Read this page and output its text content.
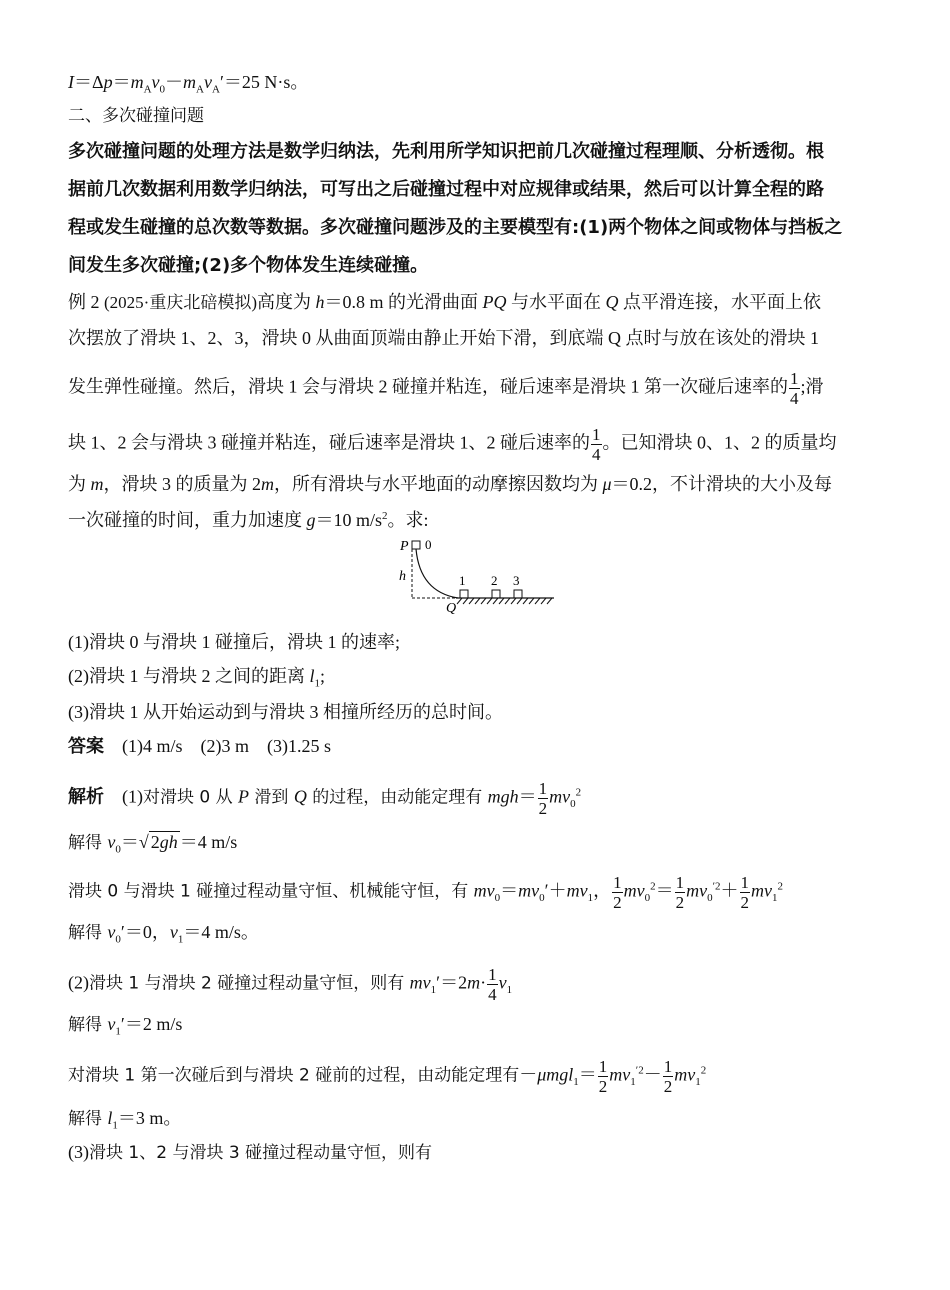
$I=\Delta p=m_Av_0-m_Av_A'=25$ N·s。
二、多次碰撞问题
多次碰撞问题的处理方法是数学归纳法，先利用所学知识把前几次碰撞过程理顺、分析透彻。根
据前几次数据利用数学归纳法，可写出之后碰撞过程中对应规律或结果，然后可以计算全程的路
程或发生碰撞的总次数等数据。多次碰撞问题涉及的主要模型有:(1)两个物体之间或物体与挡板之
间发生多次碰撞;(2)多个物体发生连续碰撞。
例 2 (2025·重庆北碚模拟)高度为 h＝0.8 m 的光滑曲面 PQ 与水平面在 Q 点平滑连接，水平面上依
次摆放了滑块 1、2、3，滑块 0 从曲面顶端由静止开始下滑，到底端 Q 点时与放在该处的滑块 1
发生弹性碰撞。然后，滑块 1 会与滑块 2 碰撞并粘连，碰后速率是滑块 1 第一次碰后速率的 $\frac{1}{4}$ ;滑
块 1、2 会与滑块 3 碰撞并粘连，碰后速率是滑块 1、2 碰后速率的 $\frac{1}{4}$ 。已知滑块 0、1、2 的质量均
为 m，滑块 3 的质量为 2m，所有滑块与水平地面的动摩擦因数均为 μ＝0.2，不计滑块的大小及每
一次碰撞的时间，重力加速度 g＝10 $m/s^2$。求:
P 0
h
Q
1 2 3
(1)滑块 0 与滑块 1 碰撞后，滑块 1 的速率;
(2)滑块 1 与滑块 2 之间的距离 $l_1$;
(3)滑块 1 从开始运动到与滑块 3 相撞所经历的总时间。
答案 (1)4 m/s (2)3 m (3)1.25 s
解析    (1)对滑块 0 从 P 滑到 Q 的过程，由动能定理有 $mgh= \frac{1}{2} mv_0^2$
解得 $v_0=√$ 2gh ＝4 m/s
滑块 0 与滑块 1 碰撞过程动量守恒、机械能守恒，有 $mv_0=mv_0'+mv_1$， $\frac{1}{2} mv_0^2= \frac{1}{2} mv_0^{'2}+ \frac{1}{2} mv_1^2$
解得 $v_0'=0$，$v_1=4$ m/s。
(2)滑块 1 与滑块 2 碰撞过程动量守恒，则有 $mv_1'=2m\cdot \frac{1}{4} v_1$
解得 $v_1'=2$ m/s
对滑块 1 第一次碰后到与滑块 2 碰前的过程，由动能定理有$-\mu mgl_1= \frac{1}{2} mv_1^{'2}- \frac{1}{2} mv_1^2$
解得 $l_1=3$ m。
(3)滑块 1、2 与滑块 3 碰撞过程动量守恒，则有
